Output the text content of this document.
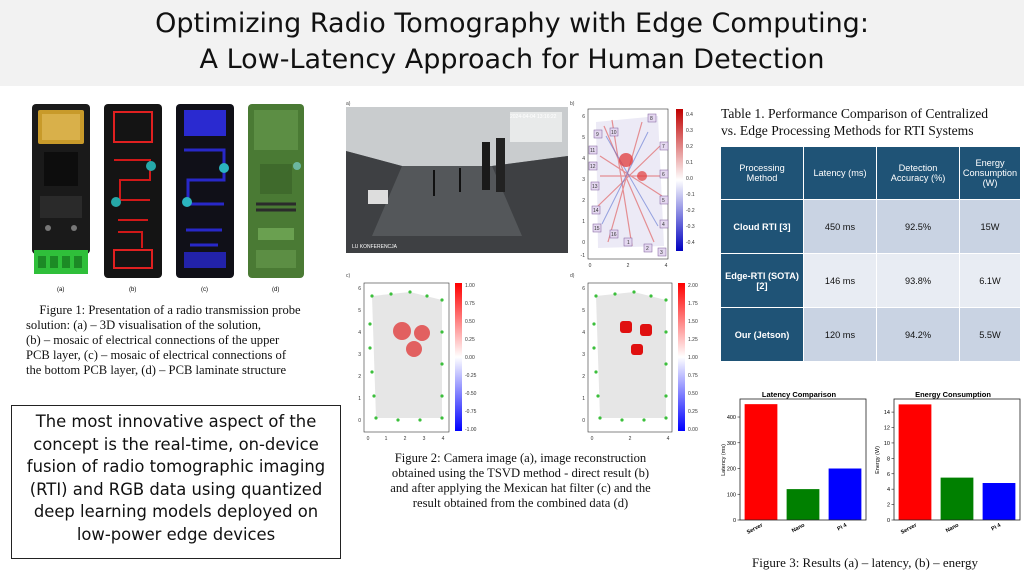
Optimizing Radio Tomography with Edge Computing:
A Low-Latency Approach for Human Detection
(a)	(b)	(c)	(d)
Figure 1: Presentation of a radio transmission probe
solution: (a) – 3D visualisation of the solution,
(b) – mosaic of electrical connections of the upper
PCB layer, (c) – mosaic of electrical connections of
the bottom PCB layer, (d) – PCB laminate structure
The most innovative aspect of the
concept is the real-time, on-device
fusion of radio tomographic imaging
(RTI) and RGB data using quantized
deep learning models deployed on
low-power edge devices
a)
LU KONFERENCJA
2024-04-04 13:16:22
b)
9 10
8
11
12
7
13
6
14
15
5
4
16
1
2
3
6
5
4
3
2
1
0
-1
0	2	4
0.4
0.3
0.2
0.1
0.0
-0.1
-0.2
-0.3
-0.4
c)
6
5
4
3
2
1
0
0	1	2	3	4
1.00
0.75
0.50
0.25
0.00
-0.25
-0.50
-0.75
-1.00
d)
6
5
4
3
2
1
0
0	2	4
2.00
1.75
1.50
1.25
1.00
0.75
0.50
0.25
0.00
Figure 2: Camera image (a), image reconstruction
obtained using the TSVD method - direct result (b)
and after applying the Mexican hat filter (c) and the
result obtained from the combined data (d)
Table 1. Performance Comparison of Centralized
vs. Edge Processing Methods for RTI Systems
Processing Method	Latency (ms)	Detection Accuracy (%)	Energy Consumption (W)
Cloud RTI [3]	450 ms	92.5%	15W
Edge-RTI (SOTA) [2]	146 ms	93.8%	6.1W
Our (Jetson)	120 ms	94.2%	5.5W
Latency Comparison
Latency (ms)
0
100
200
300
400
Server	Nano	Pi 4
Energy Consumption
Energy (W)
0
2
4
6
8
10
12
14
Server	Nano	Pi 4
Figure 3: Results (a) – latency, (b) – energy
